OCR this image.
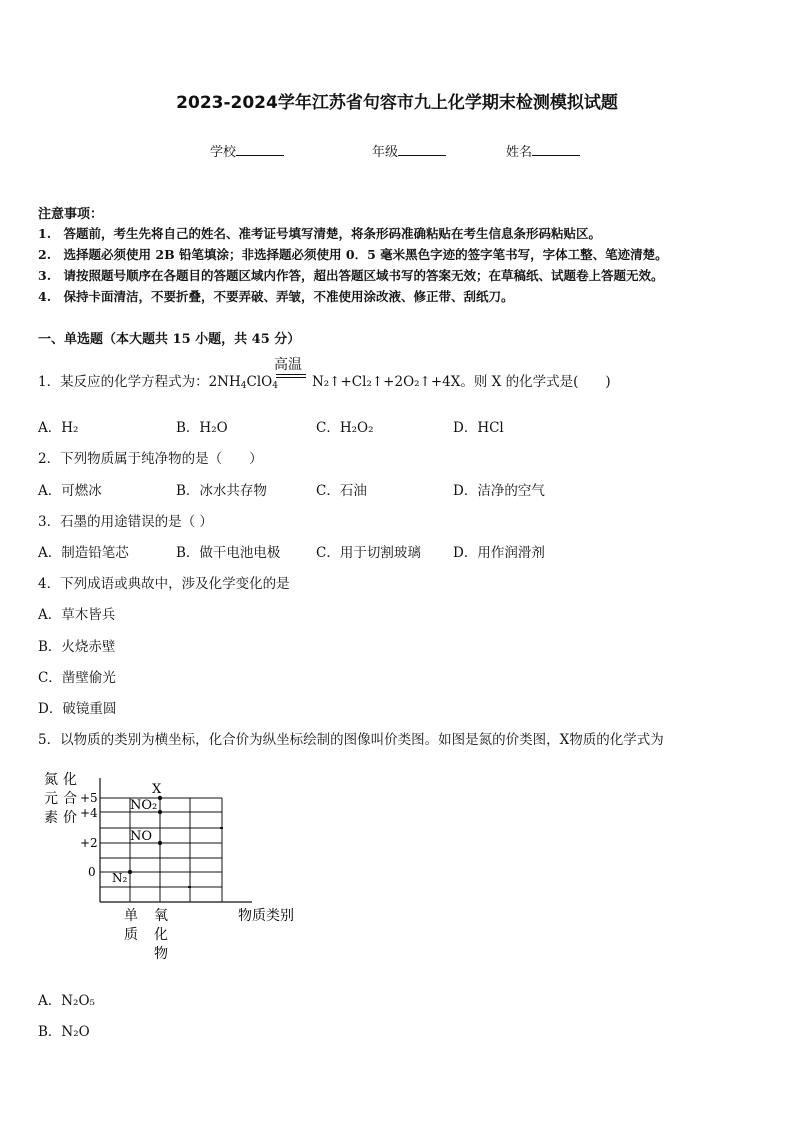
2023-2024学年江苏省句容市九上化学期末检测模拟试题
学校	年级	姓名
注意事项：
1.　答题前，考生先将自己的姓名、准考证号填写清楚，将条形码准确粘贴在考生信息条形码粘贴区。
2.　选择题必须使用 2B 铅笔填涂；非选择题必须使用 0．5 毫米黑色字迹的签字笔书写，字体工整、笔迹清楚。
3.　请按照题号顺序在各题目的答题区域内作答，超出答题区域书写的答案无效；在草稿纸、试题卷上答题无效。
4.　保持卡面清洁，不要折叠，不要弄破、弄皱，不准使用涂改液、修正带、刮纸刀。
一、单选题（本大题共 15 小题，共 45 分）
高温
1．某反应的化学方程式为：$2NH_4ClO_4$	N₂↑+Cl₂↑+2O₂↑+4X。则 X 的化学式是(　　)
A．H₂	B．H₂O	C．H₂O₂	D．HCl
2．下列物质属于纯净物的是（　　）
A．可燃冰	B．冰水共存物	C．石油	D．洁净的空气
3．石墨的用途错误的是（ ）
A．制造铅笔芯	B．做干电池电极	C．用于切割玻璃 D．用作润滑剂
4．下列成语或典故中，涉及化学变化的是
A．草木皆兵
B．火烧赤壁
C．凿壁偷光
D．破镜重圆
5．以物质的类别为横坐标，化合价为纵坐标绘制的图像叫价类图。如图是氮的价类图，X物质的化学式为
氮 化
元 合
素 价
+5
+4
+2
0
单
质
氧
化
物
物质类别
N₂
NO
NO₂
X
A．N₂O₅
B．N₂O
